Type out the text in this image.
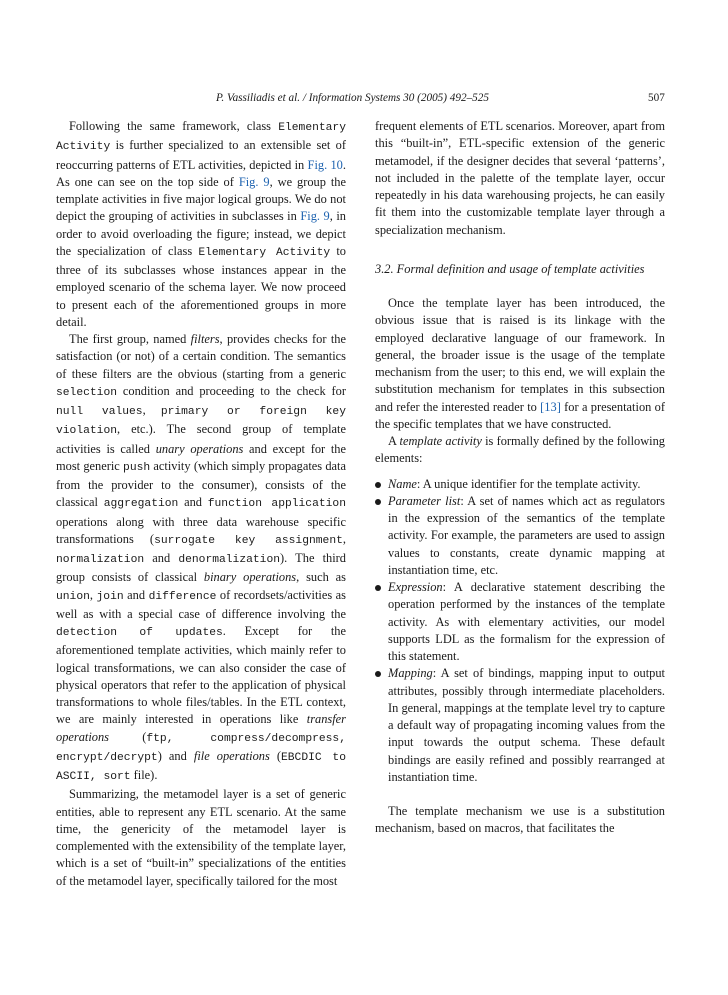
P. Vassiliadis et al. / Information Systems 30 (2005) 492–525	507

Following the same framework, class Elementary Activity is further specialized to an extensible set of reoccurring patterns of ETL activities, depicted in Fig. 10. As one can see on the top side of Fig. 9, we group the template activities in five major logical groups. We do not depict the grouping of activities in subclasses in Fig. 9, in order to avoid overloading the figure; instead, we depict the specialization of class Elementary Activity to three of its subclasses whose instances appear in the employed scenario of the schema layer. We now proceed to present each of the aforementioned groups in more detail.

The first group, named filters, provides checks for the satisfaction (or not) of a certain condition. The semantics of these filters are the obvious (starting from a generic selection condition and proceeding to the check for null values, primary or foreign key violation, etc.). The second group of template activities is called unary operations and except for the most generic push activity (which simply propagates data from the provider to the consumer), consists of the classical aggregation and function application operations along with three data warehouse specific transformations (surrogate key assignment, normalization and denormalization). The third group consists of classical binary operations, such as union, join and difference of recordsets/activities as well as with a special case of difference involving the detection of updates. Except for the aforementioned template activities, which mainly refer to logical transformations, we can also consider the case of physical operators that refer to the application of physical transformations to whole files/tables. In the ETL context, we are mainly interested in operations like transfer operations (ftp, compress/decompress, encrypt/decrypt) and file operations (EBCDIC to ASCII, sort file).

Summarizing, the metamodel layer is a set of generic entities, able to represent any ETL scenario. At the same time, the genericity of the metamodel layer is complemented with the extensibility of the template layer, which is a set of “built-in” specializations of the entities of the metamodel layer, specifically tailored for the most

frequent elements of ETL scenarios. Moreover, apart from this “built-in”, ETL-specific extension of the generic metamodel, if the designer decides that several ‘patterns’, not included in the palette of the template layer, occur repeatedly in his data warehousing projects, he can easily fit them into the customizable template layer through a specialization mechanism.

3.2. Formal definition and usage of template activities

Once the template layer has been introduced, the obvious issue that is raised is its linkage with the employed declarative language of our framework. In general, the broader issue is the usage of the template mechanism from the user; to this end, we will explain the substitution mechanism for templates in this subsection and refer the interested reader to [13] for a presentation of the specific templates that we have constructed.

A template activity is formally defined by the following elements:

Name: A unique identifier for the template activity.
Parameter list: A set of names which act as regulators in the expression of the semantics of the template activity. For example, the parameters are used to assign values to constants, create dynamic mapping at instantiation time, etc.
Expression: A declarative statement describing the operation performed by the instances of the template activity. As with elementary activities, our model supports LDL as the formalism for the expression of this statement.
Mapping: A set of bindings, mapping input to output attributes, possibly through intermediate placeholders. In general, mappings at the template level try to capture a default way of propagating incoming values from the input towards the output schema. These default bindings are easily refined and possibly rearranged at instantiation time.

The template mechanism we use is a substitution mechanism, based on macros, that facilitates the
